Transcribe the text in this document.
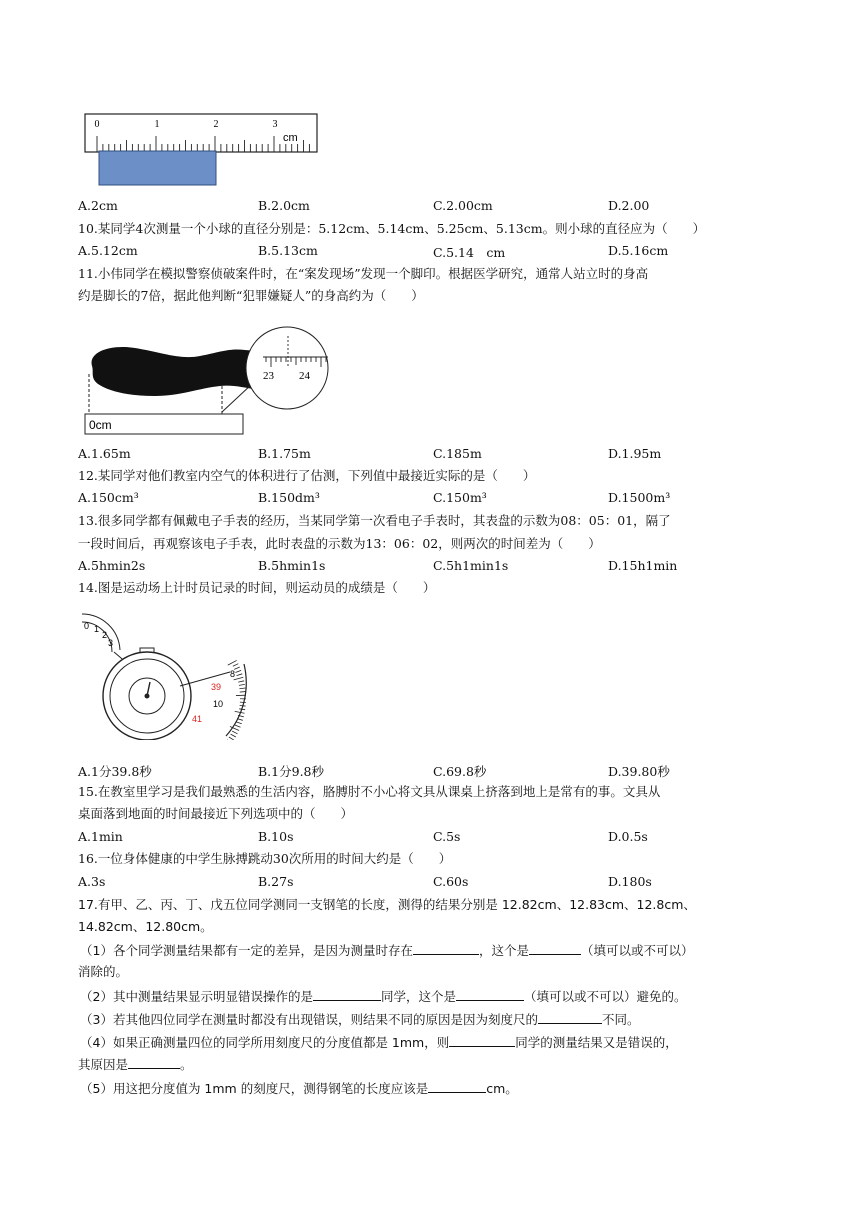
0	1	2	3
cm
A.2cm	B.2.0cm	C.2.00cm	D.2.00
10.某同学4次测量一个小球的直径分别是：5.12cm、5.14cm、5.25cm、5.13cm。则小球的直径应为（　　）
A.5.12cm	B.5.13cm	C.5.14　cm	D.5.16cm
11.小伟同学在模拟警察侦破案件时，在“案发现场”发现一个脚印。根据医学研究，通常人站立时的身高
约是脚长的7倍，据此他判断“犯罪嫌疑人”的身高约为（　　）
0cm
23 24
A.1.65m	B.1.75m	C.185m	D.1.95m
12.某同学对他们教室内空气的体积进行了估测，下列值中最接近实际的是（　　）
A.150cm³	B.150dm³	C.150m³	D.1500m³
13.很多同学都有佩戴电子手表的经历，当某同学第一次看电子手表时，其表盘的示数为08：05：01，隔了
一段时间后，再观察该电子手表，此时表盘的示数为13：06：02，则两次的时间差为（　　）
A.5hmin2s	B.5hmin1s	C.5h1min1s	D.15h1min
14.图是运动场上计时员记录的时间，则运动员的成绩是（　　）
0 1
2
3
8
39
10
41
A.1分39.8秒	B.1分9.8秒	C.69.8秒	D.39.80秒
15.在教室里学习是我们最熟悉的生活内容，胳膊肘不小心将文具从课桌上挤落到地上是常有的事。文具从
桌面落到地面的时间最接近下列选项中的（　　）
A.1min	B.10s	C.5s	D.0.5s
16.一位身体健康的中学生脉搏跳动30次所用的时间大约是（　　）
A.3s	B.27s	C.60s	D.180s
17.有甲、乙、丙、丁、戊五位同学测同一支钢笔的长度，测得的结果分别是 12.82cm、12.83cm、12.8cm、
14.82cm、12.80cm。
（1）各个同学测量结果都有一定的差异，是因为测量时存在	，这个是	（填可以或不可以）
消除的。
（2）其中测量结果显示明显错误操作的是	同学，这个是	（填可以或不可以）避免的。
（3）若其他四位同学在测量时都没有出现错误，则结果不同的原因是因为刻度尺的	不同。
（4）如果正确测量四位的同学所用刻度尺的分度值都是 1mm，则	同学的测量结果又是错误的，
其原因是	。
（5）用这把分度值为 1mm 的刻度尺，测得钢笔的长度应该是	cm。
